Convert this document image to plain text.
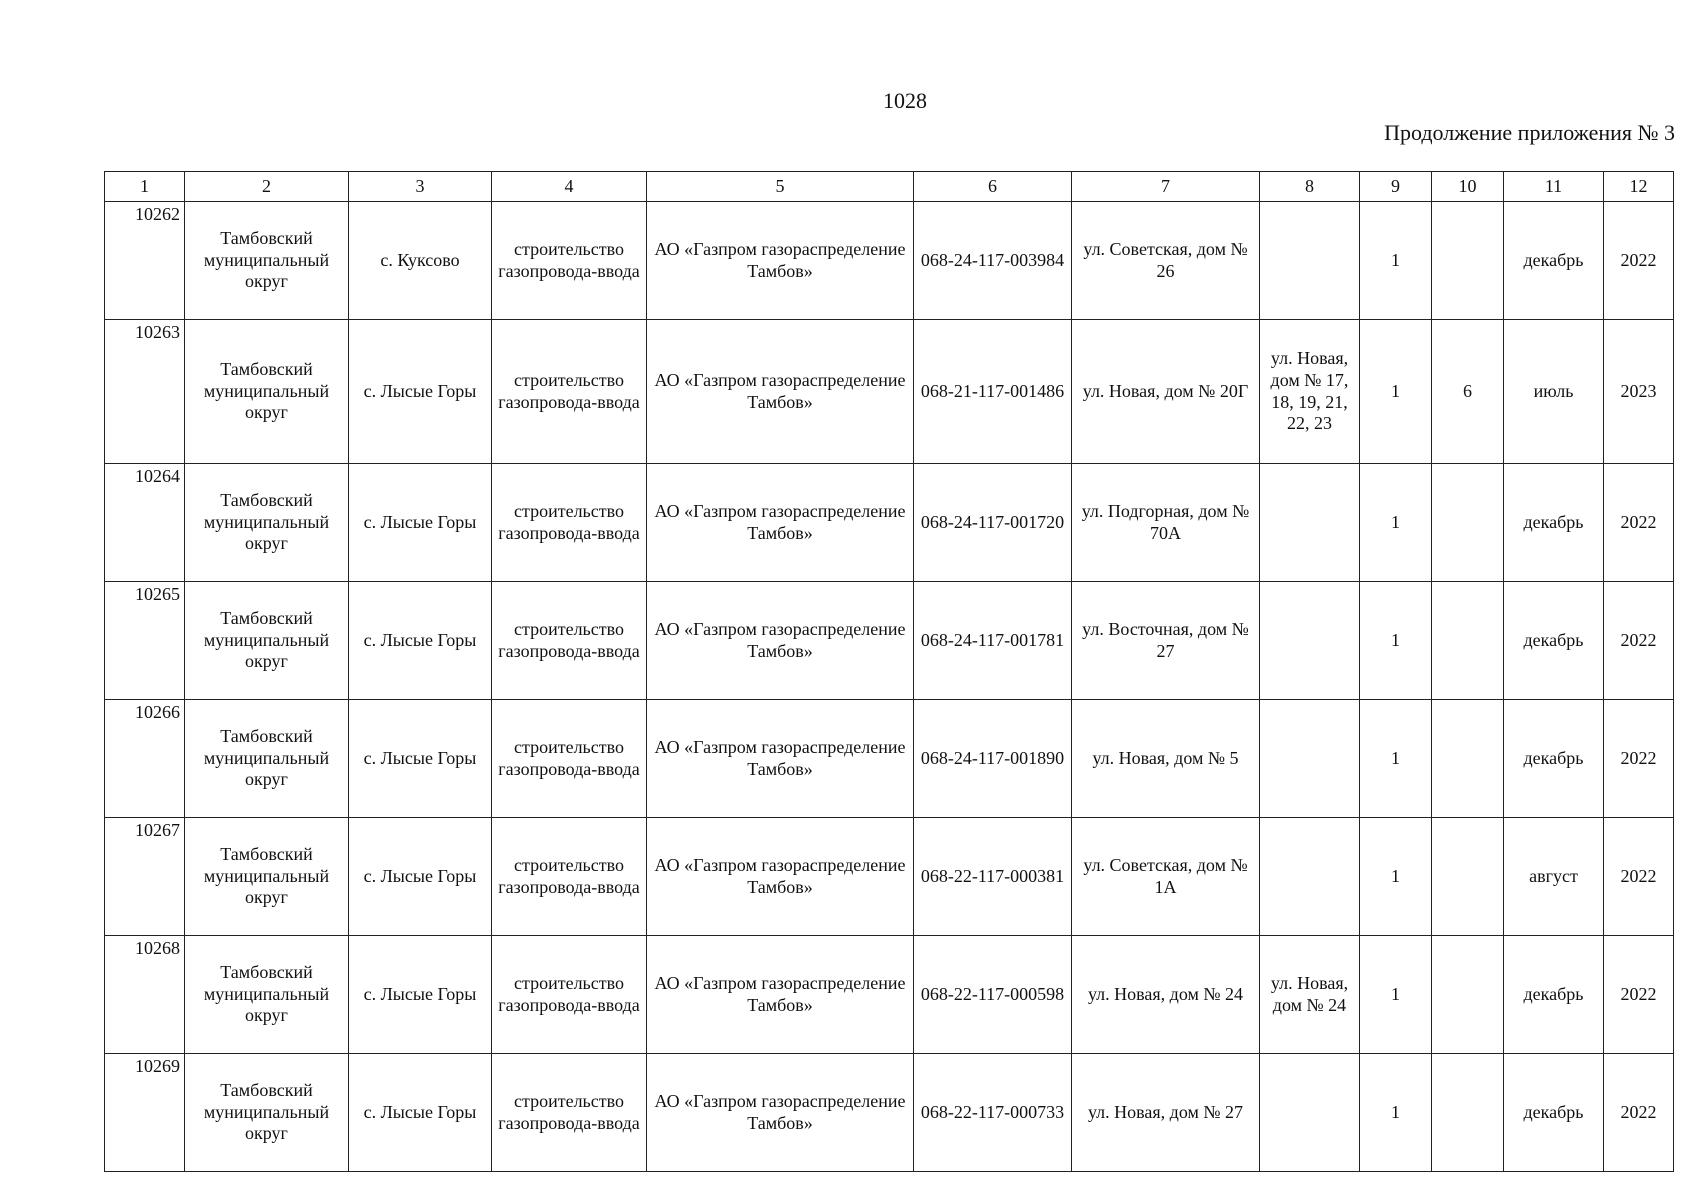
1028
Продолжение приложения № 3
1	2	3	4	5	6	7	8	9	10	11	12
10262	Тамбовский муниципальный округ	с. Куксово	строительство газопровода-ввода	АО «Газпром газораспределение Тамбов»	068-24-117-003984	ул. Советская, дом № 26		1		декабрь	2022
10263	Тамбовский муниципальный округ	с. Лысые Горы	строительство газопровода-ввода	АО «Газпром газораспределение Тамбов»	068-21-117-001486	ул. Новая, дом № 20Г	ул. Новая, дом № 17, 18, 19, 21, 22, 23	1	6	июль	2023
10264	Тамбовский муниципальный округ	с. Лысые Горы	строительство газопровода-ввода	АО «Газпром газораспределение Тамбов»	068-24-117-001720	ул. Подгорная, дом № 70А		1		декабрь	2022
10265	Тамбовский муниципальный округ	с. Лысые Горы	строительство газопровода-ввода	АО «Газпром газораспределение Тамбов»	068-24-117-001781	ул. Восточная, дом № 27		1		декабрь	2022
10266	Тамбовский муниципальный округ	с. Лысые Горы	строительство газопровода-ввода	АО «Газпром газораспределение Тамбов»	068-24-117-001890	ул. Новая, дом № 5		1		декабрь	2022
10267	Тамбовский муниципальный округ	с. Лысые Горы	строительство газопровода-ввода	АО «Газпром газораспределение Тамбов»	068-22-117-000381	ул. Советская, дом № 1А		1		август	2022
10268	Тамбовский муниципальный округ	с. Лысые Горы	строительство газопровода-ввода	АО «Газпром газораспределение Тамбов»	068-22-117-000598	ул. Новая, дом № 24	ул. Новая, дом № 24	1		декабрь	2022
10269	Тамбовский муниципальный округ	с. Лысые Горы	строительство газопровода-ввода	АО «Газпром газораспределение Тамбов»	068-22-117-000733	ул. Новая, дом № 27		1		декабрь	2022
